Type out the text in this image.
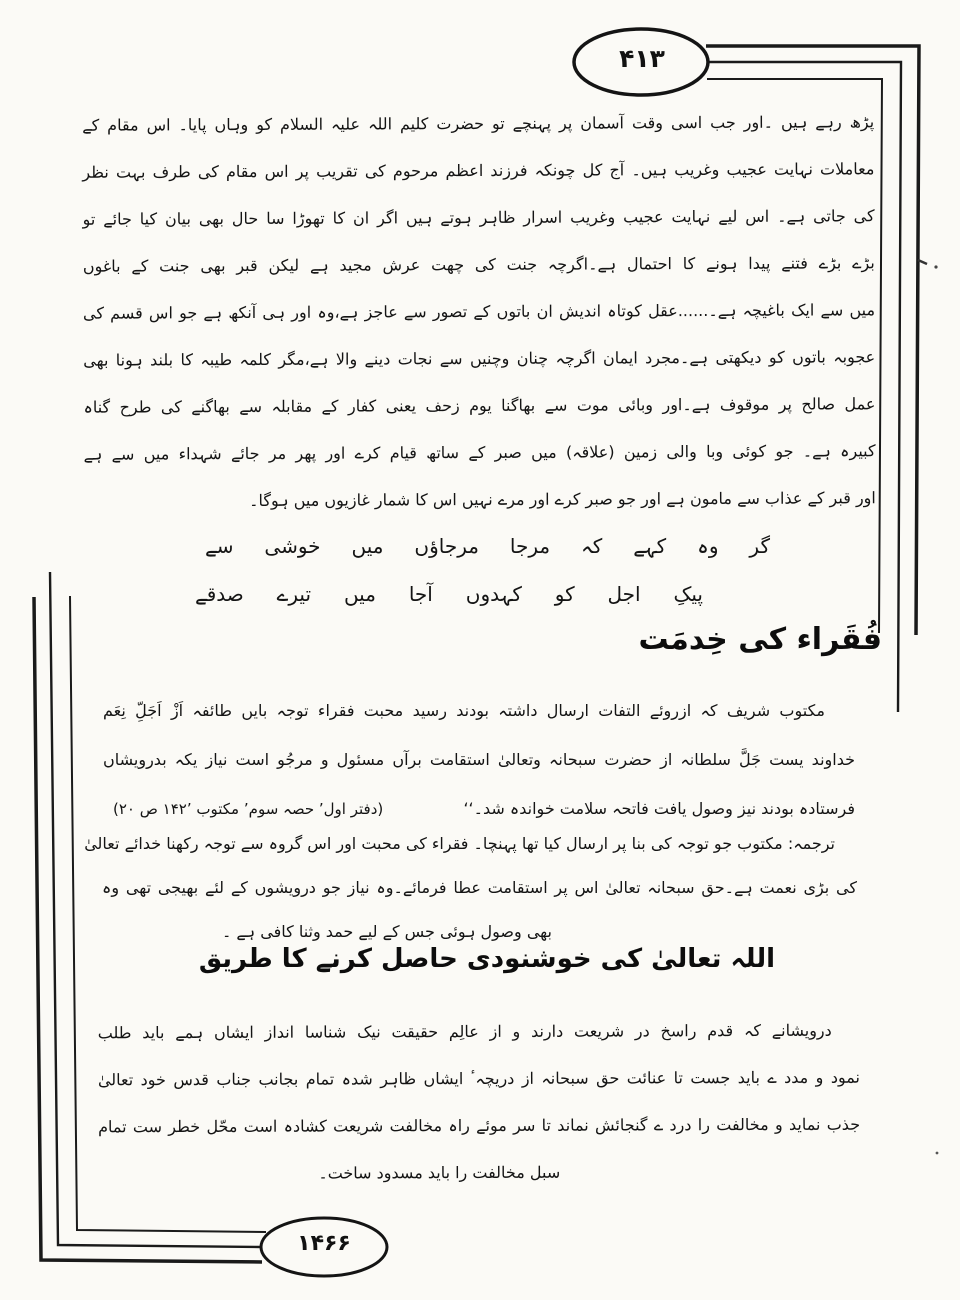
۴۱۳
۱۴۶۶
پڑھ رہے ہیں ۔اور جب اسی وقت آسمان پر پہنچے تو حضرت کلیم اللہ علیہ السلام کو وہاں پایا۔ اس مقام کے
معاملات نہایت عجیب وغریب ہیں۔ آج کل چونکہ فرزند اعظم مرحوم کی تقریب پر اس مقام کی طرف بہت نظر
کی جاتی ہے۔ اس لیے نہایت عجیب وغریب اسرار ظاہر ہوتے ہیں اگر ان کا تھوڑا سا حال بھی بیان کیا جائے تو
بڑے بڑے فتنے پیدا ہونے کا احتمال ہے۔اگرچہ جنت کی چھت عرش مجید ہے لیکن قبر بھی جنت کے باغوں
میں سے ایک باغیچہ ہے۔......عقل کوتاہ اندیش ان باتوں کے تصور سے عاجز ہے،وہ اور ہی آنکھ ہے جو اس قسم کی
عجوبہ باتوں کو دیکھتی ہے۔مجرد ایمان اگرچہ چنان وچنیں سے نجات دینے والا ہے،مگر کلمہ طیبہ کا بلند ہونا بھی
عمل صالح پر موقوف ہے۔اور وبائی موت سے بھاگنا یوم زحف یعنی کفار کے مقابلہ سے بھاگنے کی طرح گناہ
کبیرہ ہے۔ جو کوئی وبا والی زمین (علاقہ) میں صبر کے ساتھ قیام کرے اور پھر مر جائے شہداء میں سے ہے
اور قبر کے عذاب سے مامون ہے اور جو صبر کرے اور مرے نہیں اس کا شمار غازیوں میں ہوگا۔
گر وہ کہے کہ مرجا مرجاؤں میں خوشی سے
پیکِ اجل کو کہدوں آجا میں تیرے صدقے
فُقَراء کی خِدمَت
مکتوب شریف کہ ازروئے التفات ارسال داشتہ بودند رسید محبت فقراء توجہ بایں طائفہ اَزْ اَجَلِّ نِعَم
خداوند یست جَلَّ سلطانہ از حضرت سبحانہ وتعالیٰ استقامت برآں مسئول و مرجُو است نیاز یکہ بدرویشاں
فرستادہ بودند نیز وصول یافت فاتحہ سلامت خواندہ شد۔‘‘
(دفتر اول٬ حصہ سوم٬ مکتوب ۱۴۲٬ ص ۲۰)
ترجمہ: مکتوب جو توجہ کی بنا پر ارسال کیا تھا پہنچا۔ فقراء کی محبت اور اس گروہ سے توجہ رکھنا خدائے تعالیٰ
کی بڑی نعمت ہے۔حق سبحانہ تعالیٰ اس پر استقامت عطا فرمائے۔وہ نیاز جو درویشوں کے لئے بھیجی تھی وہ
بھی وصول ہوئی جس کے لیے حمد وثنا کافی ہے ۔
اللہ تعالیٰ کی خوشنودی حاصل کرنے کا طریق
درویشانے کہ قدم راسخ در شریعت دارند و از عالِم حقیقت نیک شناسا انداز ایشاں ہمے باید طلب
نمود و مدد ے باید جست تا عنائت حق سبحانہ از دریچہٴ ایشاں ظاہر شدہ تمام بجانب جناب قدس خود تعالیٰ
جذب نماید و مخالفت را درد ے گنجائش نماند تا سر موئے راہ مخالفت شریعت کشادہ است محّل خطر ست تمام
سبل مخالفت را باید مسدود ساخت۔
